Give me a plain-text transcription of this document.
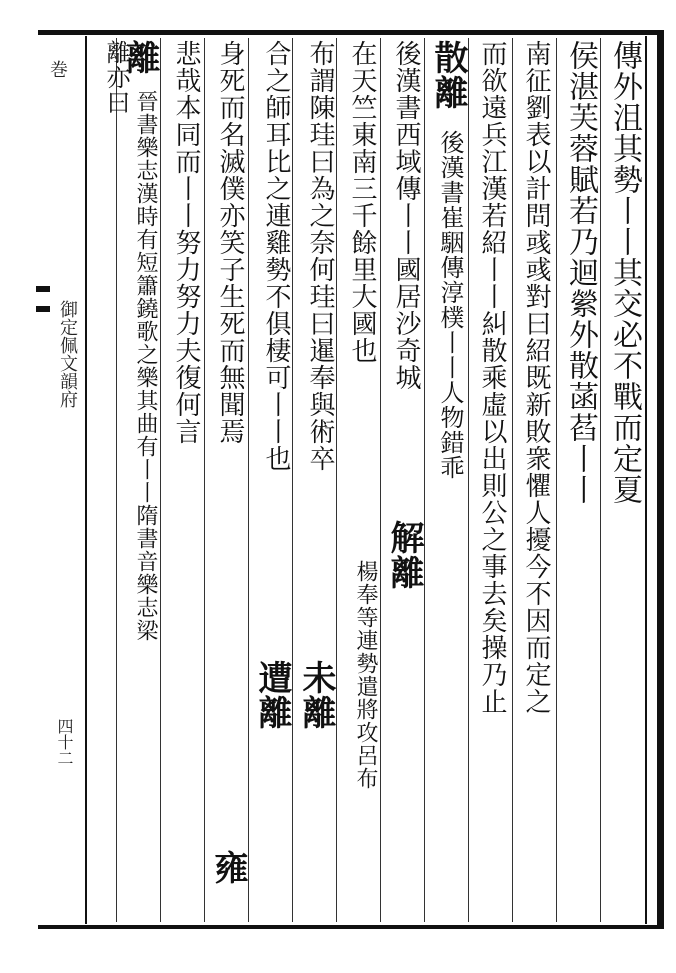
巻
御定佩文韻府
四十二
傳外沮其勢丨丨其交必不戰而定夏
侯湛芙蓉賦若乃迴縈外散菡萏丨丨
南征劉表以計問彧彧對曰紹既新敗衆懼人擾今不因而定之
而欲遠兵江漢若紹丨丨糾散乘虛以出則公之事去矣操乃止
散離
後漢書崔駰傳淳樸丨丨人物錯乖
後漢書西域傳丨丨國居沙奇城
解離
在天竺東南三千餘里大國也
楊奉等連勢遣將攻呂布
布謂陳珪曰為之奈何珪曰暹奉與術卒
未離
合之師耳比之連雞勢不俱棲可丨丨也
遭離
身死而名滅僕亦笑子生死而無聞焉
雍
悲哉本同而丨丨努力努力夫復何言
離
晉書樂志漢時有短簫鐃歌之樂其曲有丨丨隋書音樂志梁
離亦曰
